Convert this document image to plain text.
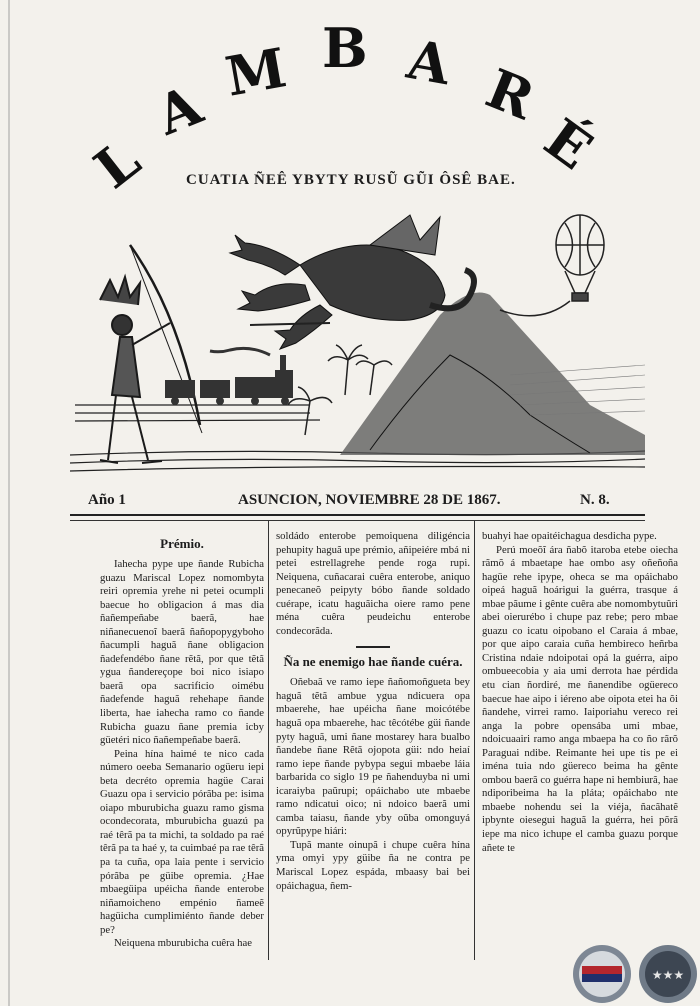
L
A
M B A R
É
CUATIA ÑEÊ YBYTY RUSŨ GŨI ÔSÊ BAE.
Año 1	ASUNCION, NOVIEMBRE 28 DE 1867.	N. 8.
Prémio.

Iahecha pype upe ñande Rubicha guazu Mariscal Lopez nomombyta reiri opremia yrehe ni petei ocumpli baecue ho obligacion á mas dia ñañempeñabe baerã, hae niñanecuenoĩ baerã ñañopopygyboho ñacumpli haguã ñane obligacion ñadefendébo ñane rẽtã, por que tẽtã ygua ñandereçope boi nico isiapo baerã opa sacrificio oimébu ñadefende haguã rehehape ñande liberta, hae iahecha ramo co ñande Rubicha guazu ñane premia icby güetéri nico ñañempeñabe baerã.

Peina hína haimé te nico cada número oeeba Semanario ogüeru iepi beta decréto opremia hagüe Carai Guazu opa i servicio pórãba pe: isima oiapo mburubicha guazu ramo gisma ocondecorata, mburubicha guazú pa raé têrã pa ta michi, ta soldado pa raé têrã pa ta haé y, ta cuimbaé pa rae têrã pa ta cuña, opa laia pente i servicio pórãba pe güibe opremia. ¿Hae mbaegüipa upéicha ñande enterobe niñamoicheno empénio ñameẽ hagüicha cumplimiénto ñande deber pe?

Neiquena mburubicha cuêra hae

soldádo enterobe pemoiquena diligéncia pehupity haguã upe prémio, añipeiére mbá ni petei estrellagrehe pende roga rupi. Neiquena, cuñacarai cuêra enterobe, aniquo penecaneõ peipyty bóbo ñande soldado cuérape, icatu haguãicha oiere ramo pene ména cuêra peudeichu enterobe condecorãda.

Ña ne enemigo hae ñande cuéra.

Oñebaã ve ramo iepe ñañomoñgueta bey haguã tẽtã ambue ygua ndicuera opa mbaerehe, hae upéicha ñane moicótébe haguã opa mbaerehe, hac têcótébe güi ñande pyty haguã, umi ñane mostarey hara bualbo ñandebe ñane Rẽtã ojopota güi: ndo heiaí ramo iepe ñande pybypa segui mbaebe láia barbarida co siglo 19 pe ñahenduyba ni umi icaraiyba paũrupi; opáichabo ute mbaebe ramo ndicatui oico; ni ndoico baerã umi camba taiasu, ñande yby oũba omonguyá opyrũpype hiári:

Tupã mante oinupã i chupe cuêra hína yma omyi ypy güibe ña ne contra pe Mariscal Lopez espáda, mbaasy bai bei opáichagua, ñem-

buahyi hae opaitéichagua desdicha pype.

Perú moeõĩ ára ñabõ itaroba etebe oiecha rãmõ á mbaetape hae ombo asy oñeñoña hagüe rehe ipype, oheca se ma opáichabo oipeá haguã hoárigui la guérra, trasque á mbae pãume i gênte cuêra abe nomombytuũri abei oierurébo i chupe paz rebe; pero mbae guazu co icatu oipobano el Caraia á mbae, por que aipo caraia cuña hembireco heñrba Cristina ndaie ndoipotai opá la guérra, aipo ombueecobia y aia umi derrota hae pérdida etu cian ñordiré, me ñanendibe ogüereco baecue hae aipo i iéreno abe oipota etei ha õi ñandehe, virrei ramo. Iaiporiahu vereco rei anga la pobre opensába umi mbae, ndoicuaairi ramo anga mbaepa ha co ño rãrõ Paraguai ndibe. Reimante hei upe tis pe ei iména tuia ndo güereco beima ha gênte ombou baerã co guérra hape ni hembiurã, hae ndiporibeima ha la pláta; opáichabo nte mbaebe nohendu sei la viéja, ñacãhatẽ ipbynte oiesegui haguã la guérra, hei põrã iepe ma nico ichupe el camba guazu porque añete te

★★★
